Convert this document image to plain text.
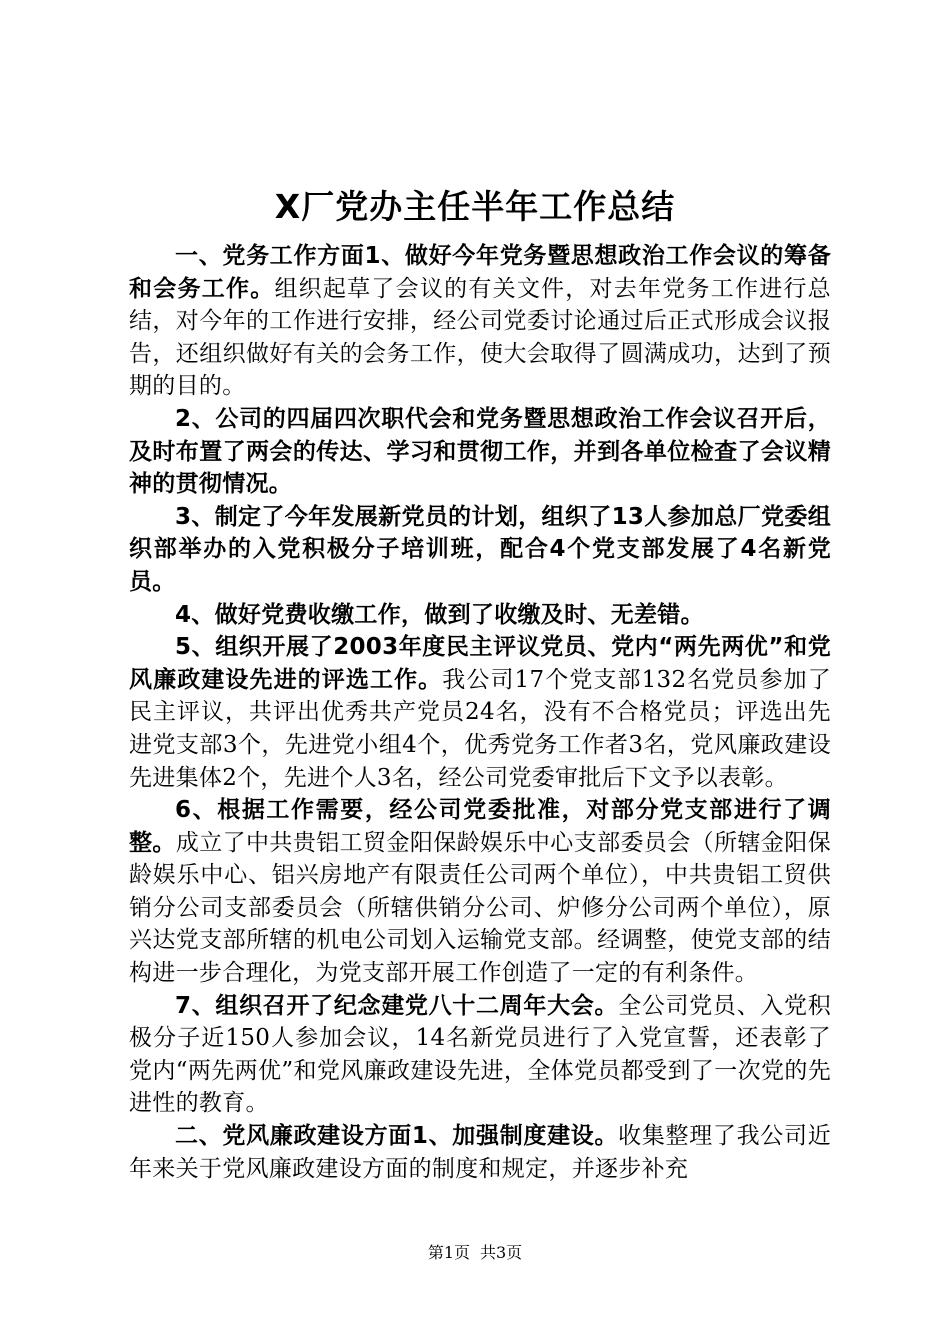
X厂党办主任半年工作总结

一、党务工作方面1、做好今年党务暨思想政治工作会议的筹备和会务工作。组织起草了会议的有关文件，对去年党务工作进行总结，对今年的工作进行安排，经公司党委讨论通过后正式形成会议报告，还组织做好有关的会务工作，使大会取得了圆满成功，达到了预期的目的。

2、公司的四届四次职代会和党务暨思想政治工作会议召开后，及时布置了两会的传达、学习和贯彻工作，并到各单位检查了会议精神的贯彻情况。

3、制定了今年发展新党员的计划，组织了13人参加总厂党委组织部举办的入党积极分子培训班，配合4个党支部发展了4名新党员。

4、做好党费收缴工作，做到了收缴及时、无差错。

5、组织开展了2003年度民主评议党员、党内“两先两优”和党风廉政建设先进的评选工作。我公司17个党支部132名党员参加了民主评议，共评出优秀共产党员24名，没有不合格党员；评选出先进党支部3个，先进党小组4个，优秀党务工作者3名，党风廉政建设先进集体2个，先进个人3名，经公司党委审批后下文予以表彰。

6、根据工作需要，经公司党委批准，对部分党支部进行了调整。成立了中共贵铝工贸金阳保龄娱乐中心支部委员会（所辖金阳保龄娱乐中心、铝兴房地产有限责任公司两个单位），中共贵铝工贸供销分公司支部委员会（所辖供销分公司、炉修分公司两个单位），原兴达党支部所辖的机电公司划入运输党支部。经调整，使党支部的结构进一步合理化，为党支部开展工作创造了一定的有利条件。

7、组织召开了纪念建党八十二周年大会。全公司党员、入党积极分子近150人参加会议，14名新党员进行了入党宣誓，还表彰了党内“两先两优”和党风廉政建设先进，全体党员都受到了一次党的先进性的教育。

二、党风廉政建设方面1、加强制度建设。收集整理了我公司近年来关于党风廉政建设方面的制度和规定，并逐步补充

第1页 共3页
